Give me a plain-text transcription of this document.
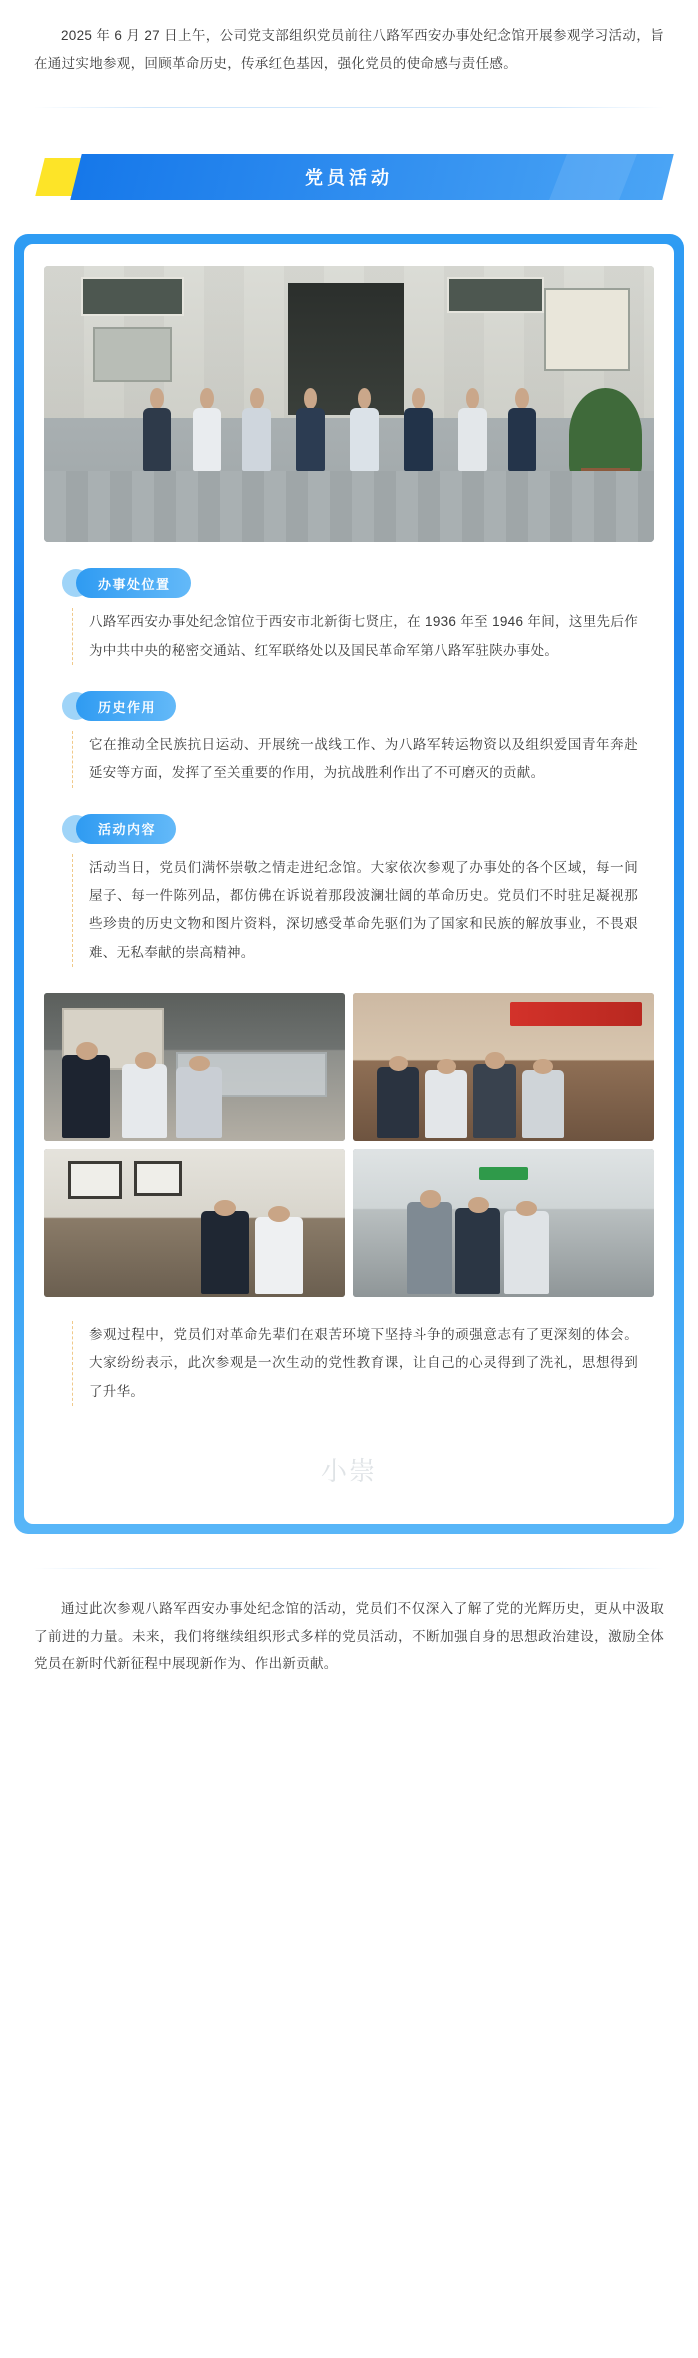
2025 年 6 月 27 日上午，公司党支部组织党员前往八路军西安办事处纪念馆开展参观学习活动，旨在通过实地参观，回顾革命历史，传承红色基因，强化党员的使命感与责任感。

党员活动
办事处位置

八路军西安办事处纪念馆位于西安市北新街七贤庄，在 1936 年至 1946 年间，这里先后作为中共中央的秘密交通站、红军联络处以及国民革命军第八路军驻陕办事处。

历史作用

它在推动全民族抗日运动、开展统一战线工作、为八路军转运物资以及组织爱国青年奔赴延安等方面，发挥了至关重要的作用，为抗战胜利作出了不可磨灭的贡献。

活动内容

活动当日，党员们满怀崇敬之情走进纪念馆。大家依次参观了办事处的各个区域，每一间屋子、每一件陈列品，都仿佛在诉说着那段波澜壮阔的革命历史。党员们不时驻足凝视那些珍贵的历史文物和图片资料，深切感受革命先驱们为了国家和民族的解放事业，不畏艰难、无私奉献的崇高精神。

参观过程中，党员们对革命先辈们在艰苦环境下坚持斗争的顽强意志有了更深刻的体会。大家纷纷表示，此次参观是一次生动的党性教育课，让自己的心灵得到了洗礼，思想得到了升华。

小崇

通过此次参观八路军西安办事处纪念馆的活动，党员们不仅深入了解了党的光辉历史，更从中汲取了前进的力量。未来，我们将继续组织形式多样的党员活动，不断加强自身的思想政治建设，激励全体党员在新时代新征程中展现新作为、作出新贡献。
